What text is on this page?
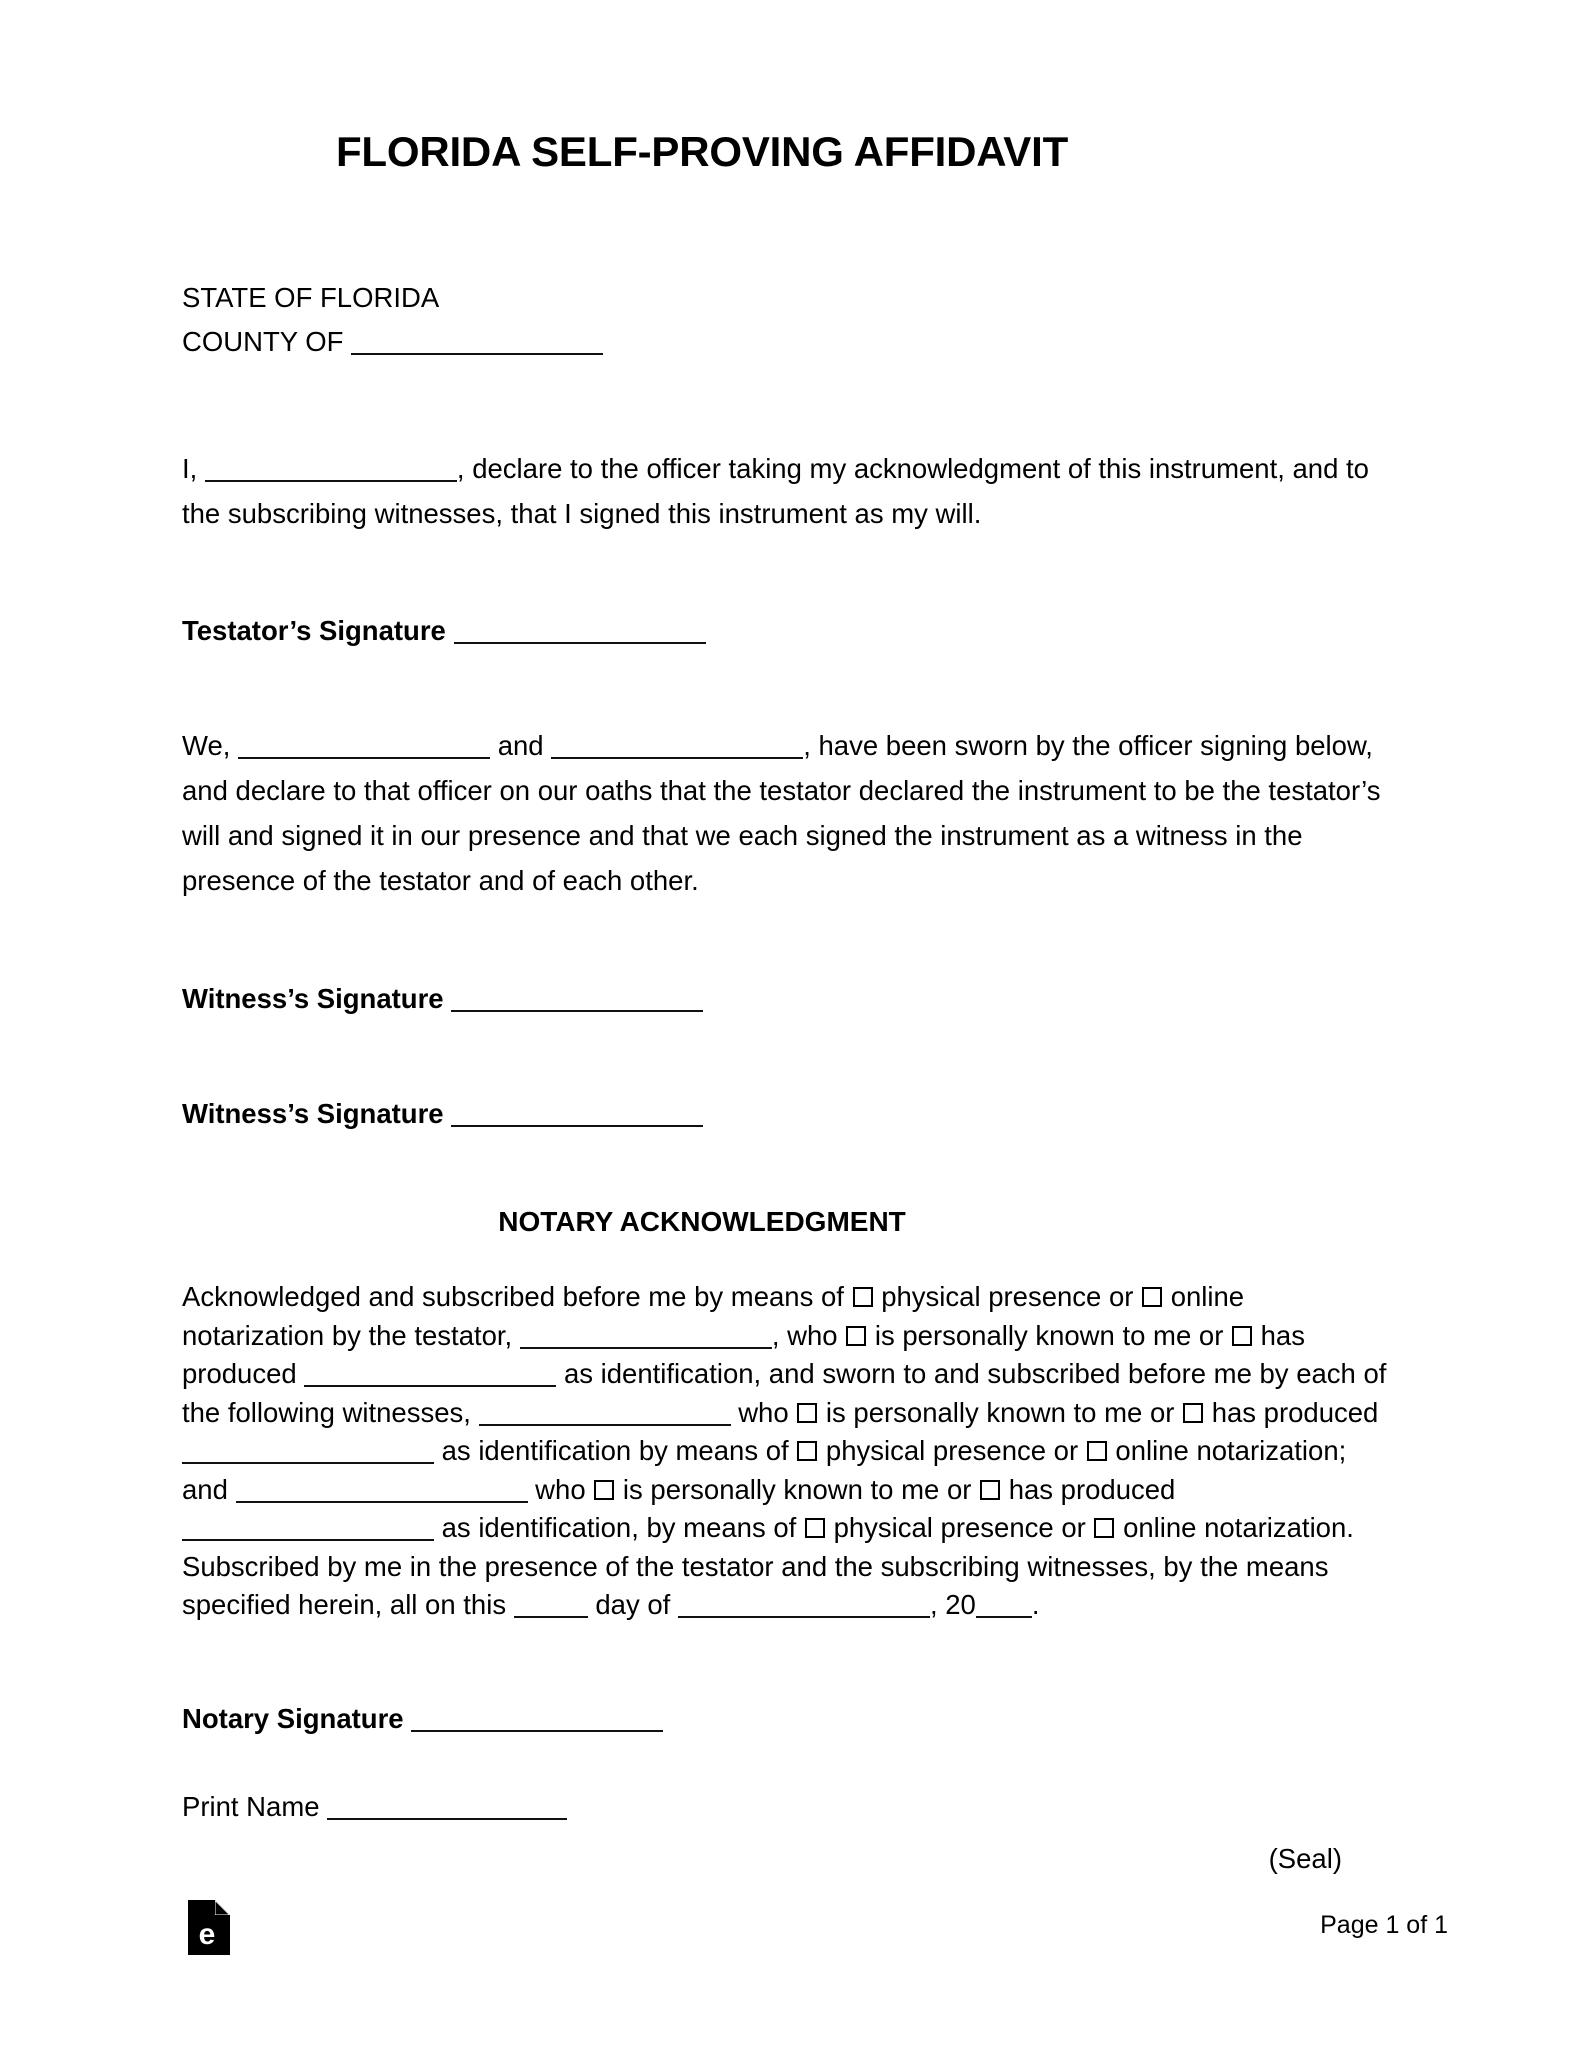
FLORIDA SELF-PROVING AFFIDAVIT
STATE OF FLORIDA
COUNTY OF
I,	, declare to the officer taking my acknowledgment of this instrument, and to the subscribing witnesses, that I signed this instrument as my will.
Testator’s Signature
We,	and	, have been sworn by the officer signing below, and declare to that officer on our oaths that the testator declared the instrument to be the testator’s will and signed it in our presence and that we each signed the instrument as a witness in the presence of the testator and of each other.
Witness’s Signature
Witness’s Signature
NOTARY ACKNOWLEDGMENT
Acknowledged and subscribed before me by means of physical presence or online notarization by the testator,	, who is personally known to me or has produced	as identification, and sworn to and subscribed before me by each of the following witnesses,	who is personally known to me or has produced  as identification by means of physical presence or online notarization; and	who is personally known to me or has produced  as identification, by means of physical presence or online notarization. Subscribed by me in the presence of the testator and the subscribing witnesses, by the means specified herein, all on this	day of	, 20 .
Notary Signature
Print Name
(Seal)
e	Page 1 of 1
